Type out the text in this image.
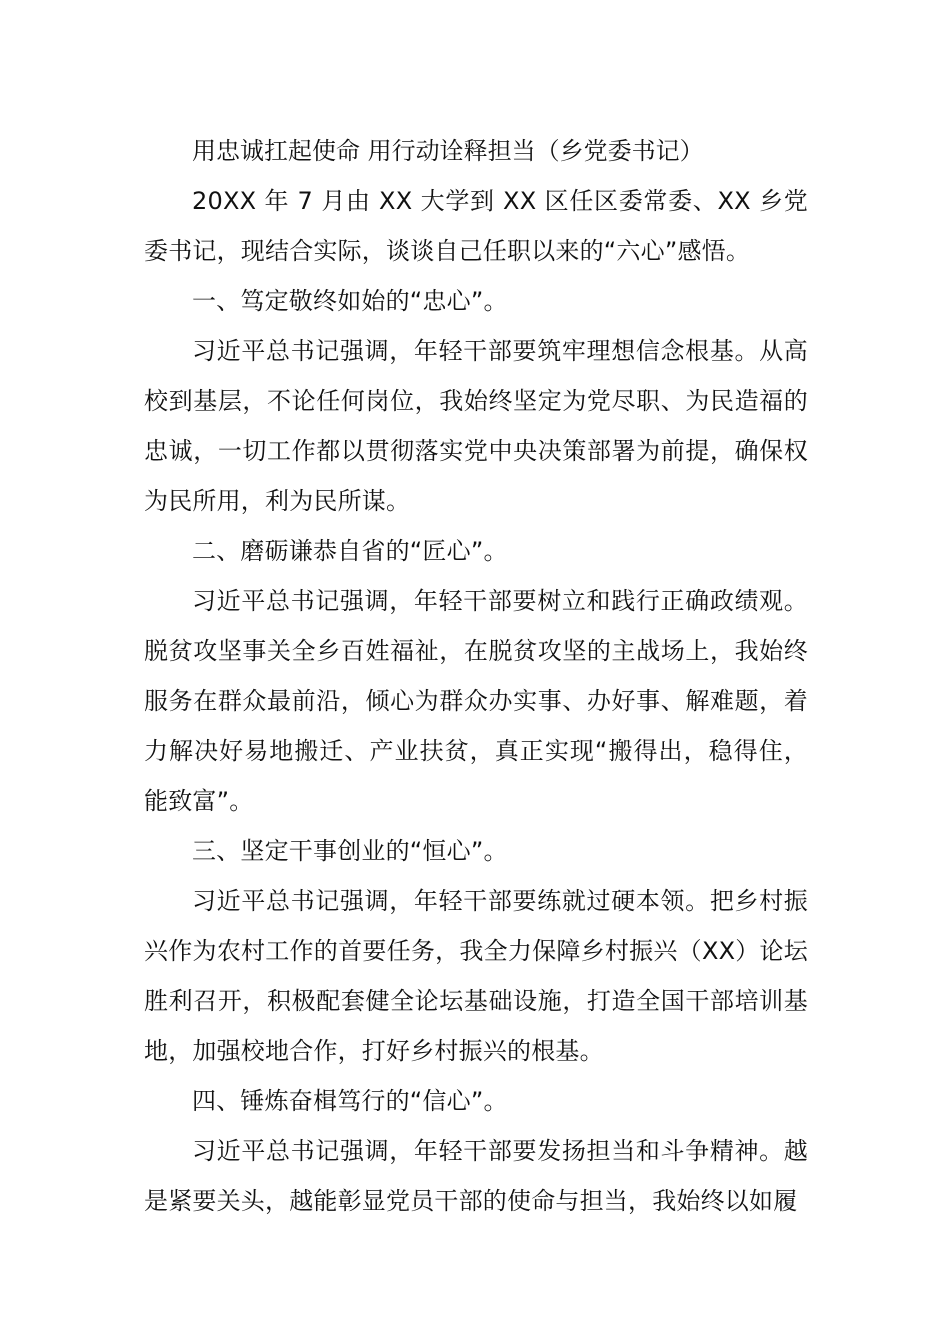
用忠诚扛起使命 用行动诠释担当（乡党委书记）

20XX 年 7 月由 XX 大学到 XX 区任区委常委、XX 乡党委书记，现结合实际，谈谈自己任职以来的“六心”感悟。

一、笃定敬终如始的“忠心”。

习近平总书记强调，年轻干部要筑牢理想信念根基。从高校到基层，不论任何岗位，我始终坚定为党尽职、为民造福的忠诚，一切工作都以贯彻落实党中央决策部署为前提，确保权为民所用，利为民所谋。

二、磨砺谦恭自省的“匠心”。

习近平总书记强调，年轻干部要树立和践行正确政绩观。脱贫攻坚事关全乡百姓福祉，在脱贫攻坚的主战场上，我始终服务在群众最前沿，倾心为群众办实事、办好事、解难题，着力解决好易地搬迁、产业扶贫，真正实现“搬得出，稳得住，能致富”。

三、坚定干事创业的“恒心”。

习近平总书记强调，年轻干部要练就过硬本领。把乡村振兴作为农村工作的首要任务，我全力保障乡村振兴（XX）论坛胜利召开，积极配套健全论坛基础设施，打造全国干部培训基地，加强校地合作，打好乡村振兴的根基。

四、锤炼奋楫笃行的“信心”。

习近平总书记强调，年轻干部要发扬担当和斗争精神。越是紧要关头，越能彰显党员干部的使命与担当，我始终以如履
